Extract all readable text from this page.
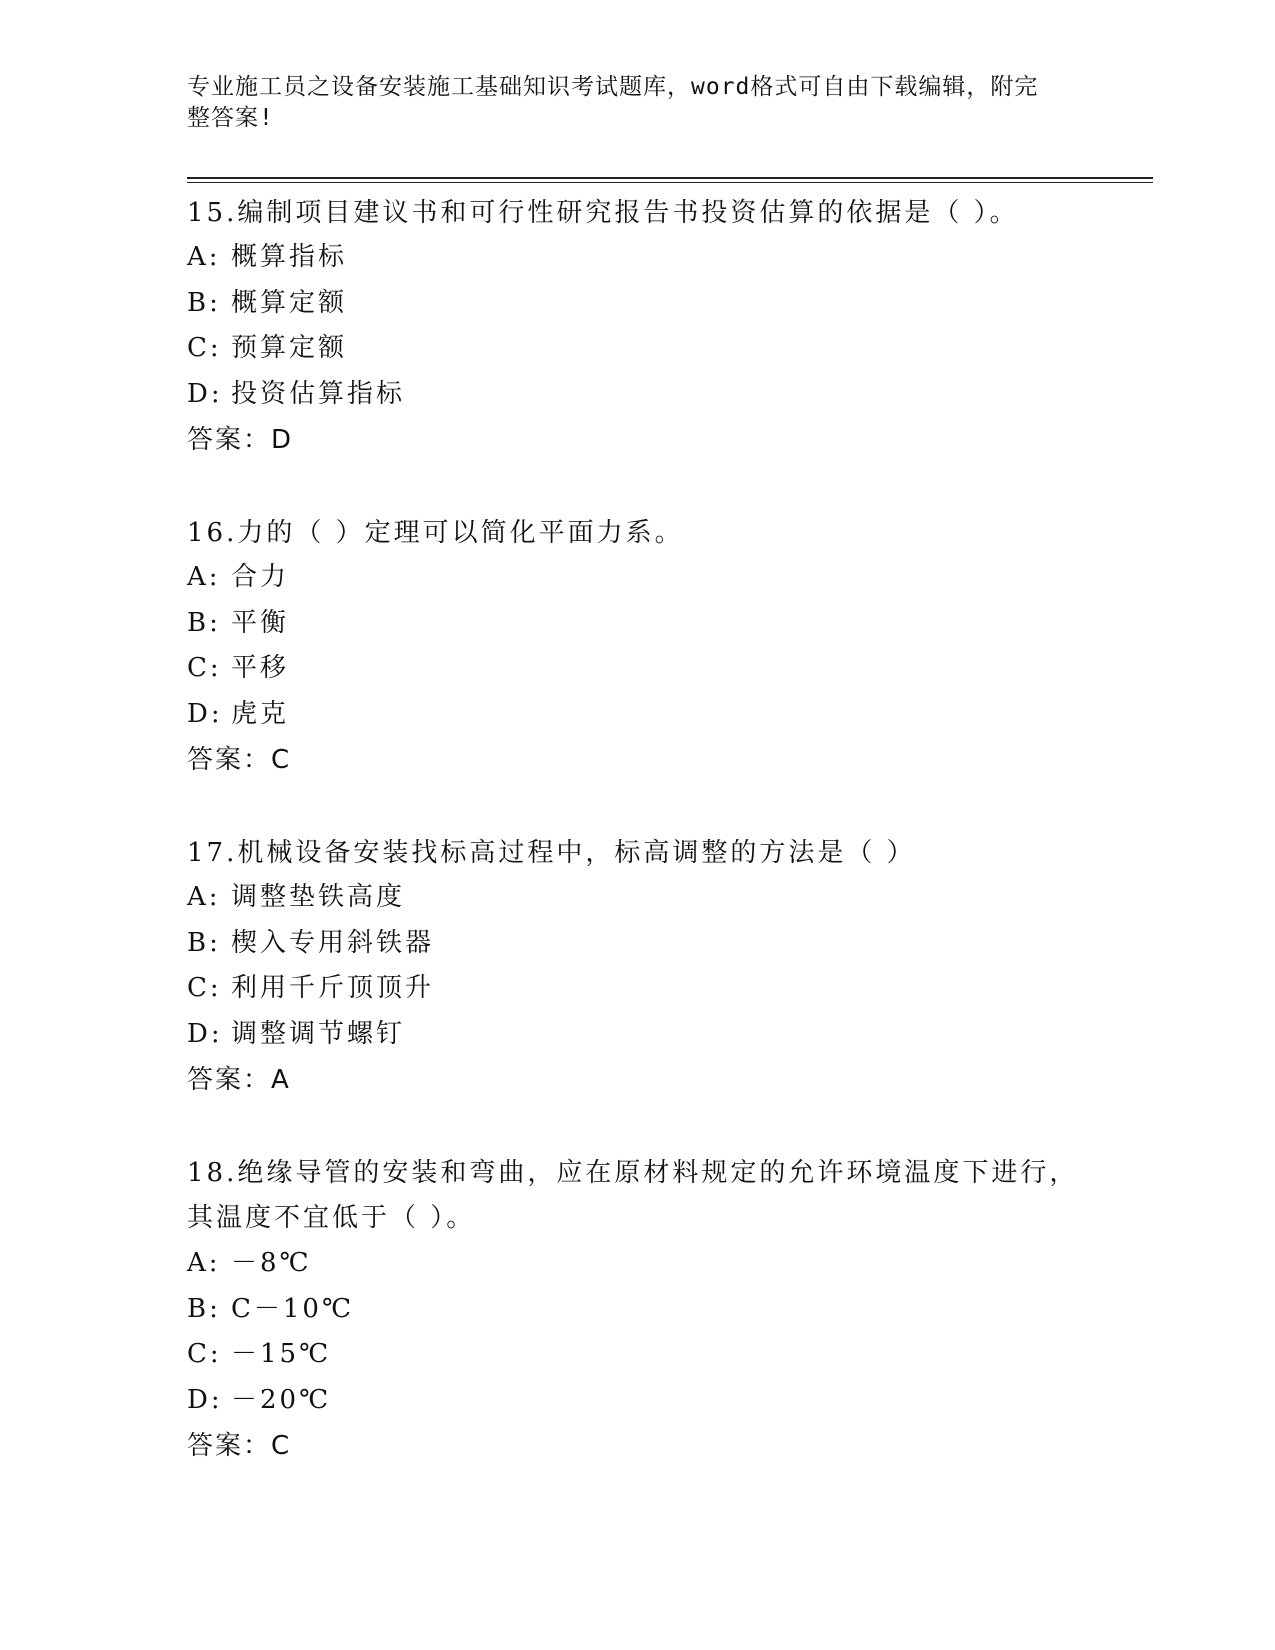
专业施工员之设备安装施工基础知识考试题库，word格式可自由下载编辑，附完
整答案!

15.编制项目建议书和可行性研究报告书投资估算的依据是（ ）。

A: 概算指标
B: 概算定额
C: 预算定额
D: 投资估算指标
答案：D

16.力的（ ）定理可以简化平面力系。

A: 合力
B: 平衡
C: 平移
D: 虎克
答案：C

17.机械设备安装找标高过程中，标高调整的方法是（ ）

A: 调整垫铁高度
B: 楔入专用斜铁器
C: 利用千斤顶顶升
D: 调整调节螺钉
答案：A

18.绝缘导管的安装和弯曲，应在原材料规定的允许环境温度下进行，
其温度不宜低于（ ）。

A: －8℃
B: C－10℃
C: －15℃
D: －20℃
答案：C
